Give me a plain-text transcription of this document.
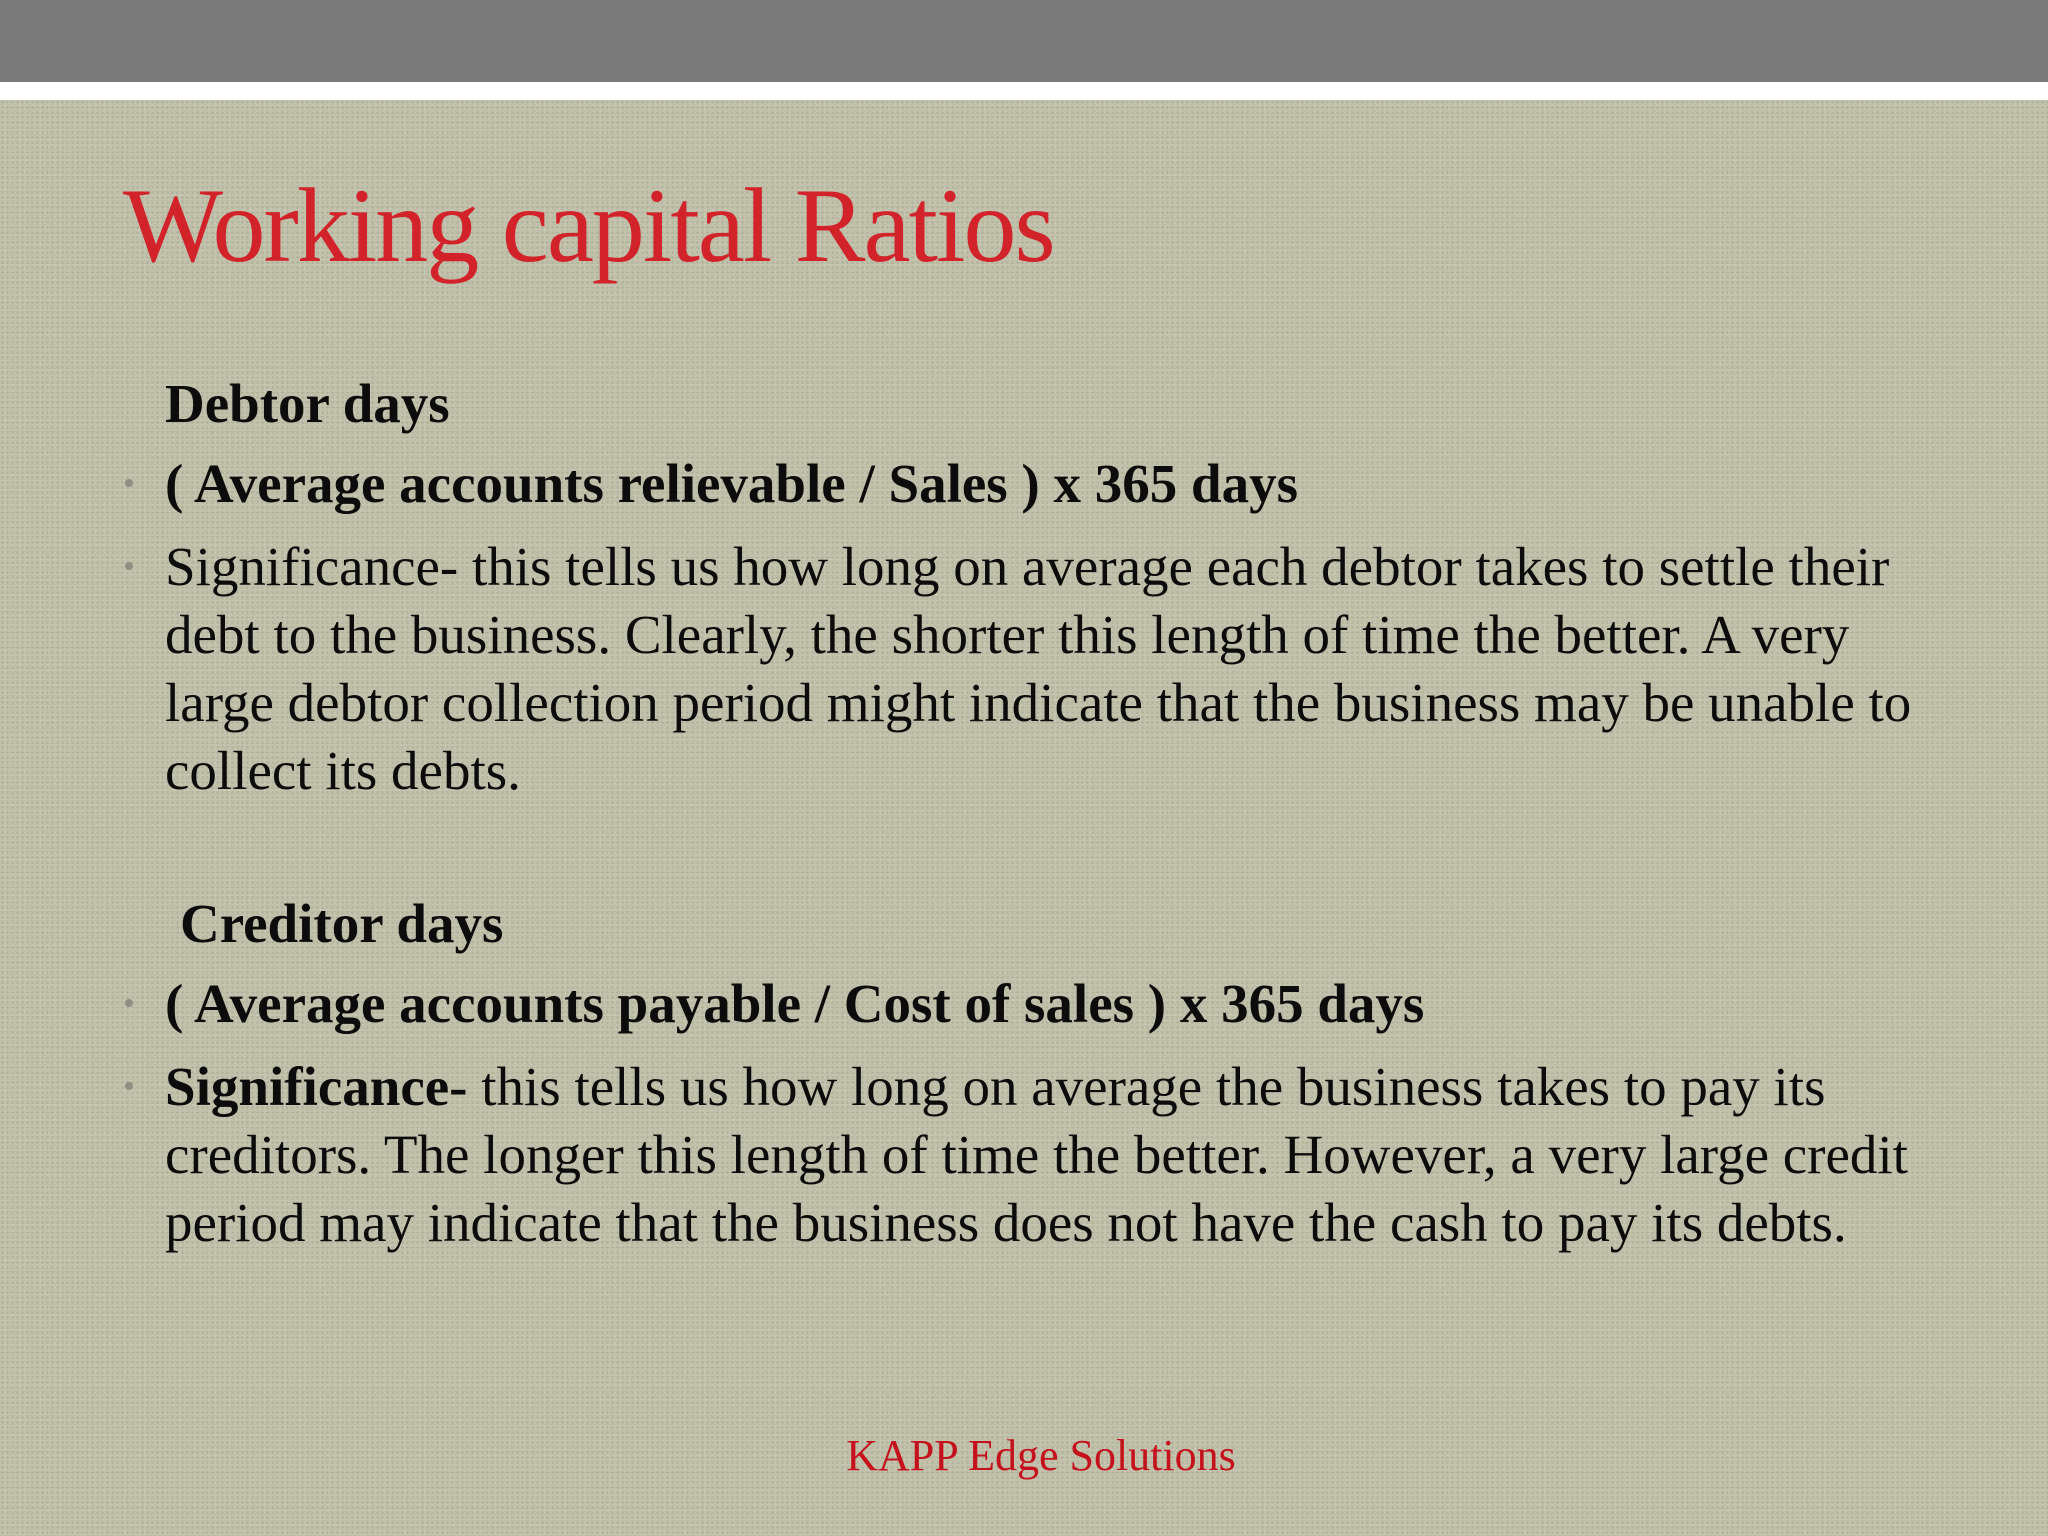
Working capital Ratios
Debtor days
• ( Average accounts relievable / Sales ) x 365 days
• Significance- this tells us how long on average each debtor takes to settle their debt to the business. Clearly, the shorter this length of time the better. A very large debtor collection period might indicate that the business may be unable to collect its debts.
Creditor days
• ( Average accounts payable / Cost of sales ) x 365 days
• Significance- this tells us how long on average the business takes to pay its creditors. The longer this length of time the better. However, a very large credit period may indicate that the business does not have the cash to pay its debts.
KAPP Edge Solutions
